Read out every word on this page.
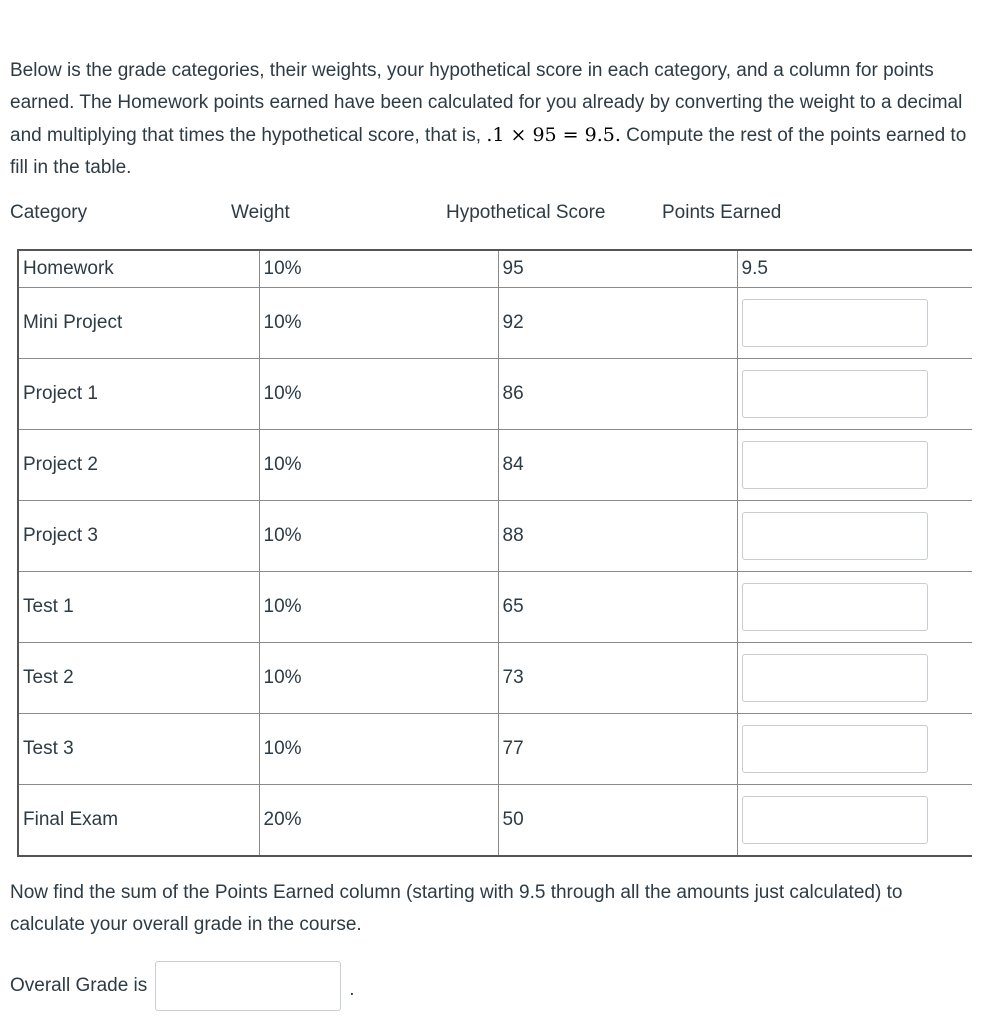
Below is the grade categories, their weights, your hypothetical score in each category, and a column for points earned. The Homework points earned have been calculated for you already by converting the weight to a decimal and multiplying that times the hypothetical score, that is, .1 × 95 = 9.5. Compute the rest of the points earned to fill in the table.

Category	Weight	Hypothetical Score	Points Earned
Homework	10%	95	9.5
Mini Project	10%	92	

Project 1	10%	86	

Project 2	10%	84	

Project 3	10%	88	

Test 1	10%	65	

Test 2	10%	73	

Test 3	10%	77	

Final Exam	20%	50	

Now find the sum of the Points Earned column (starting with 9.5 through all the amounts just calculated) to calculate your overall grade in the course.

Overall Grade is	.
